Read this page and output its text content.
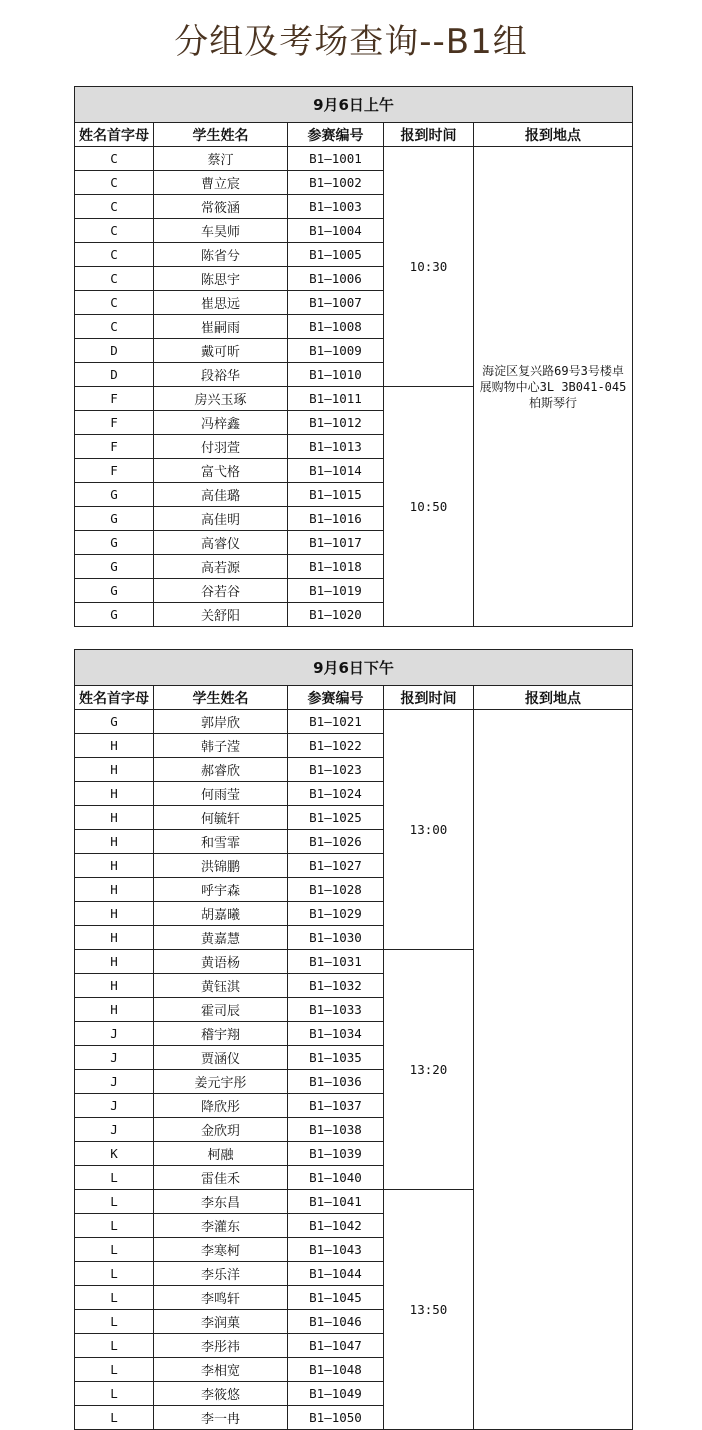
分组及考场查询--B1组
9月6日上午				
姓名首字母	学生姓名	参赛编号	报到时间	报到地点
C	蔡汀	B1—1001	10:30	海淀区复兴路69号3号楼卓展购物中心3L 3B041-045柏斯琴行
C	曹立宸	B1—1002		
C	常筱涵	B1—1003		
C	车昊师	B1—1004		
C	陈省兮	B1—1005		
C	陈思宇	B1—1006		
C	崔思远	B1—1007		
C	崔嗣雨	B1—1008		
D	戴可昕	B1—1009		
D	段裕华	B1—1010		
F	房兴玉琢	B1—1011	10:50	
F	冯梓鑫	B1—1012		
F	付羽萱	B1—1013		
F	富弋格	B1—1014		
G	高佳璐	B1—1015		
G	高佳明	B1—1016		
G	高睿仪	B1—1017		
G	高若源	B1—1018		
G	谷若谷	B1—1019		
G	关舒阳	B1—1020		
9月6日下午				
姓名首字母	学生姓名	参赛编号	报到时间	报到地点
G	郭岸欣	B1—1021	13:00	
H	韩子滢	B1—1022		
H	郝睿欣	B1—1023		
H	何雨莹	B1—1024		
H	何毓轩	B1—1025		
H	和雪霏	B1—1026		
H	洪锦鹏	B1—1027		
H	呼宇森	B1—1028		
H	胡嘉曦	B1—1029		
H	黄嘉慧	B1—1030		
H	黄语杨	B1—1031	13:20	
H	黄钰淇	B1—1032		
H	霍司辰	B1—1033		
J	稽宇翔	B1—1034		
J	贾涵仪	B1—1035		
J	姜元宇彤	B1—1036		
J	降欣彤	B1—1037		
J	金欣玥	B1—1038		
K	柯融	B1—1039		
L	雷佳禾	B1—1040		
L	李东昌	B1—1041	13:50	
L	李灌东	B1—1042		
L	李寒柯	B1—1043		
L	李乐洋	B1—1044		
L	李鸣轩	B1—1045		
L	李润菓	B1—1046		
L	李彤祎	B1—1047		
L	李相宽	B1—1048		
L	李筱悠	B1—1049		
L	李一冉	B1—1050		
